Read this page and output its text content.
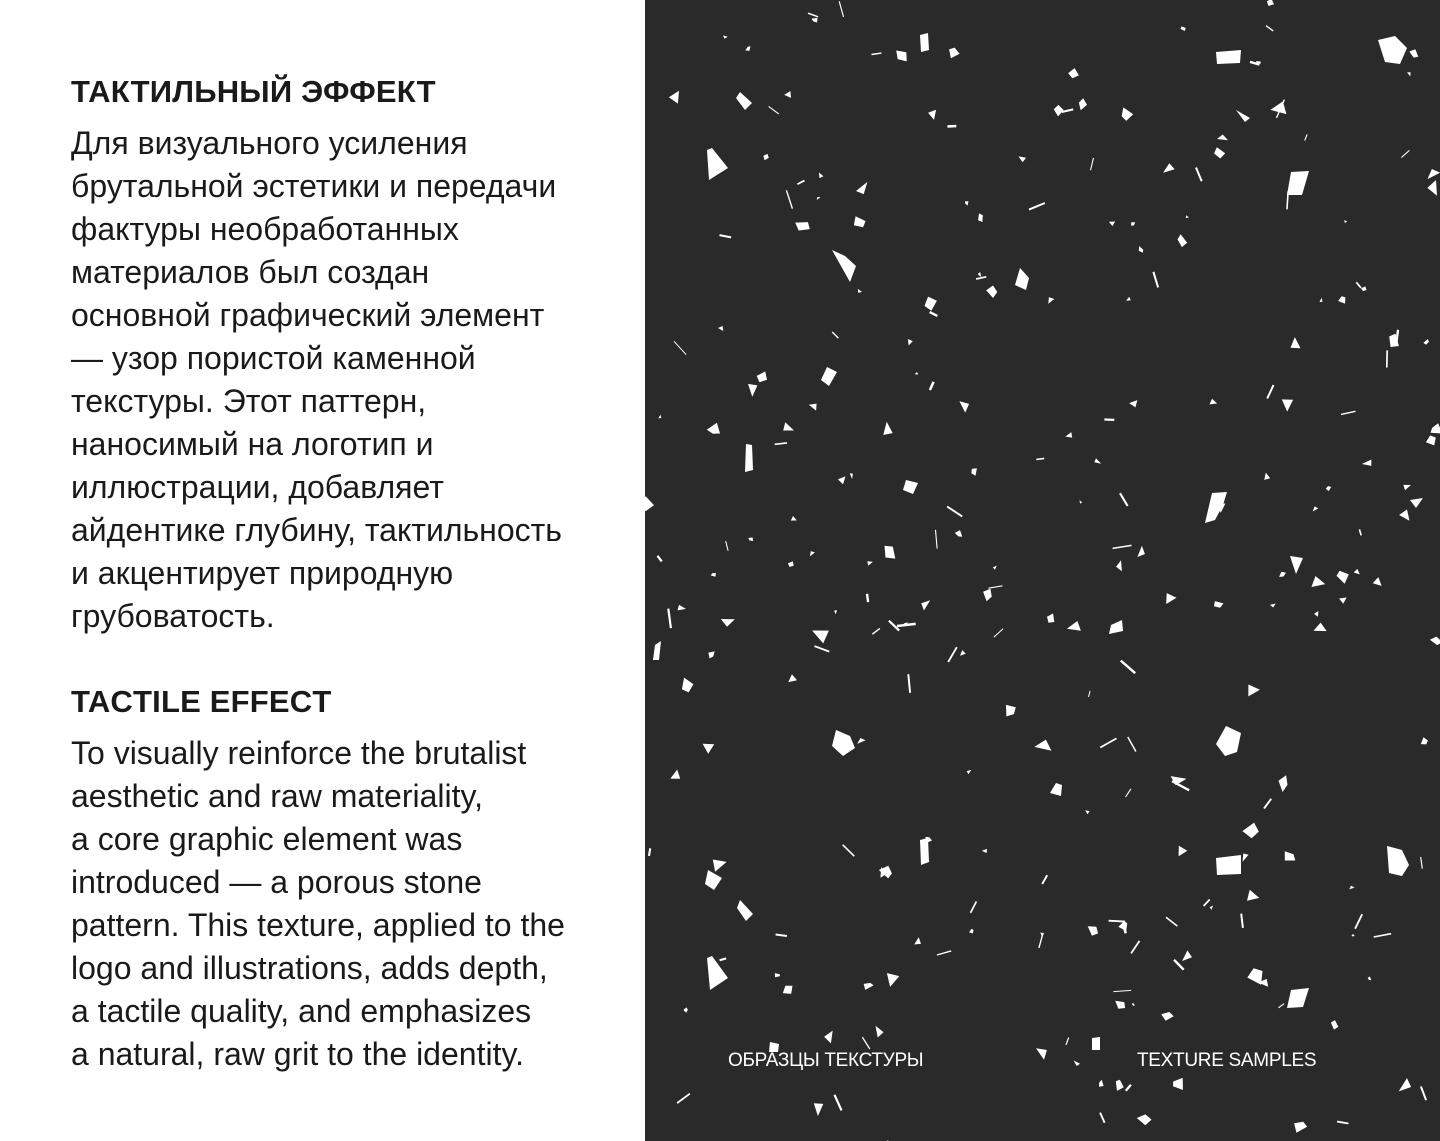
ТАКТИЛЬНЫЙ ЭФФЕКТ

Для визуального усиления
брутальной эстетики и передачи
фактуры необработанных
материалов был создан
основной графический элемент
— узор пористой каменной
текстуры. Этот паттерн,
наносимый на логотип и
иллюстрации, добавляет
айдентике глубину, тактильность
и акцентирует природную
грубоватость.

TACTILE EFFECT

To visually reinforce the brutalist
aesthetic and raw materiality,
a core graphic element was
introduced — a porous stone
pattern. This texture, applied to the
logo and illustrations, adds depth,
a tactile quality, and emphasizes
a natural, raw grit to the identity.	ОБРАЗЦЫ ТЕКСТУРЫ	TEXTURE SAMPLES
